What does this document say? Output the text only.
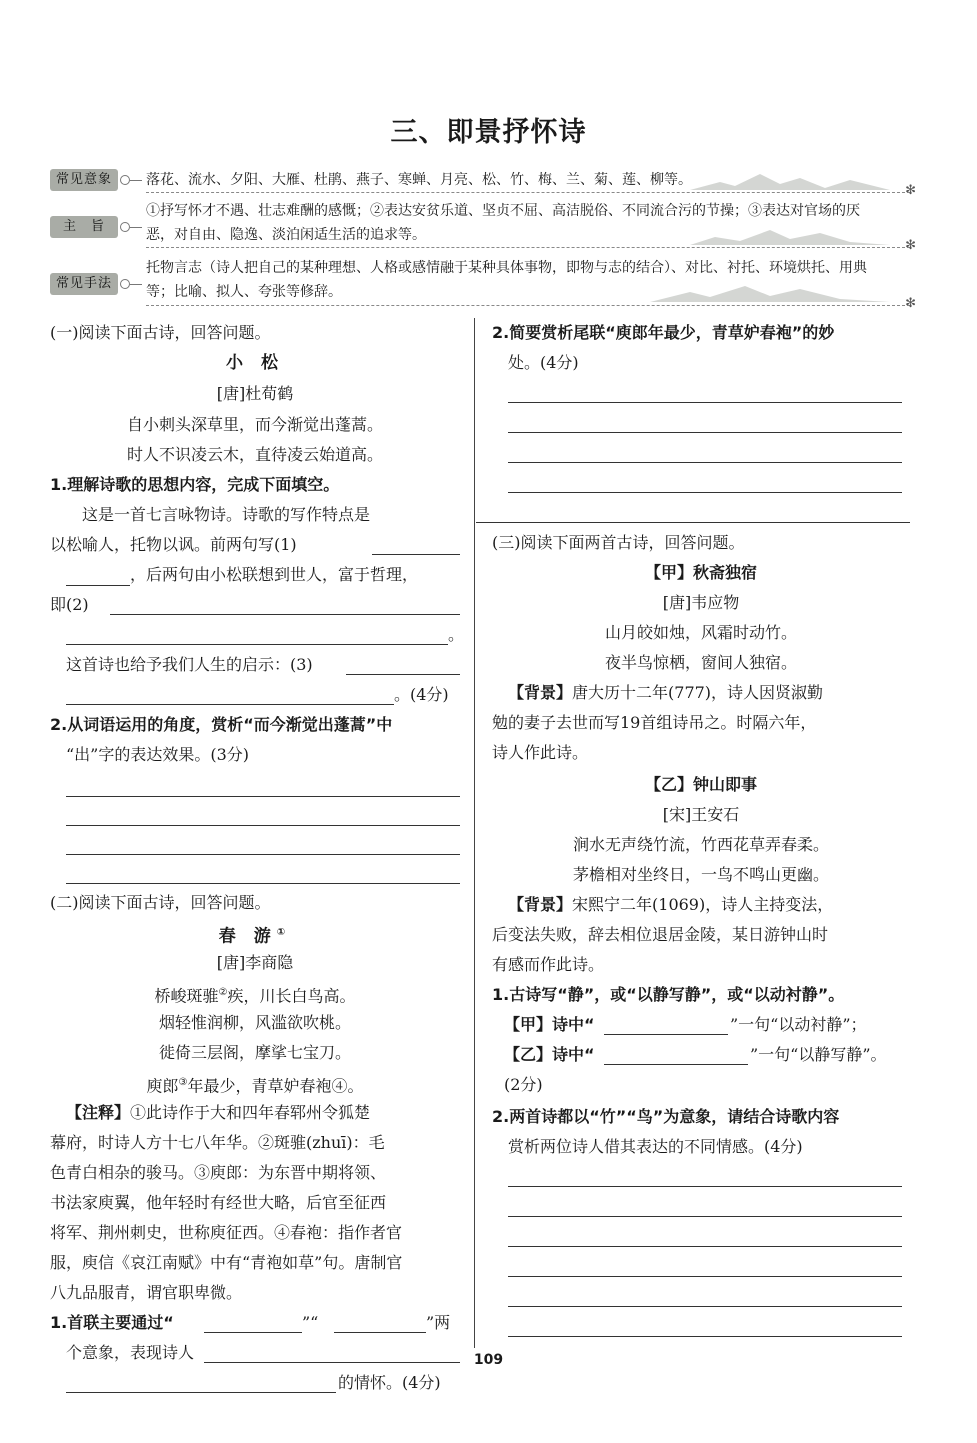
三、即景抒怀诗
常见意象	落花、流水、夕阳、大雁、杜鹃、燕子、寒蝉、月亮、松、竹、梅、兰、菊、莲、柳等。
✻
主　旨
①抒写怀才不遇、壮志难酬的感慨；②表达安贫乐道、坚贞不屈、高洁脱俗、不同流合污的节操；③表达对官场的厌
恶，对自由、隐逸、淡泊闲适生活的追求等。
✻
常见手法
托物言志（诗人把自己的某种理想、人格或感情融于某种具体事物，即物与志的结合）、对比、衬托、环境烘托、用典
等；比喻、拟人、夸张等修辞。
✻
(一)阅读下面古诗，回答问题。
小 松
[唐]杜荀鹤
自小刺头深草里，而今渐觉出蓬蒿。
时人不识凌云木，直待凌云始道高。
1.理解诗歌的思想内容，完成下面填空。
这是一首七言咏物诗。诗歌的写作特点是
以松喻人，托物以讽。前两句写(1)
，后两句由小松联想到世人，富于哲理，
即(2)
。
这首诗也给予我们人生的启示：(3)
。(4分)
2.从词语运用的角度，赏析“而今渐觉出蓬蒿”中
“出”字的表达效果。(3分)
(二)阅读下面古诗，回答问题。
春 游①
[唐]李商隐
桥峻斑骓②疾，川长白鸟高。
烟轻惟润柳，风滥欲吹桃。
徙倚三层阁，摩挲七宝刀。
庾郎③年最少，青草妒春袍④。
【注释】①此诗作于大和四年春郓州令狐楚
幕府，时诗人方十七八年华。②斑骓(zhuī)：毛
色青白相杂的骏马。③庾郎：为东晋中期将领、
书法家庾翼，他年轻时有经世大略，后官至征西
将军、荆州刺史，世称庾征西。④春袍：指作者官
服，庾信《哀江南赋》中有“青袍如草”句。唐制官
八九品服青，谓官职卑微。
1.首联主要通过“	”“	”两
个意象，表现诗人
的情怀。(4分)
2.简要赏析尾联“庾郎年最少，青草妒春袍”的妙
处。(4分)
(三)阅读下面两首古诗，回答问题。
【甲】秋斋独宿
[唐]韦应物
山月皎如烛，风霜时动竹。
夜半鸟惊栖，窗间人独宿。
【背景】唐大历十二年(777)，诗人因贤淑勤
勉的妻子去世而写19首组诗吊之。时隔六年，
诗人作此诗。
【乙】钟山即事
[宋]王安石
涧水无声绕竹流，竹西花草弄春柔。
茅檐相对坐终日，一鸟不鸣山更幽。
【背景】宋熙宁二年(1069)，诗人主持变法，
后变法失败，辞去相位退居金陵，某日游钟山时
有感而作此诗。
1.古诗写“静”，或“以静写静”，或“以动衬静”。
【甲】诗中“	”一句“以动衬静”；
【乙】诗中“	”一句“以静写静”。
(2分)
2.两首诗都以“竹”“鸟”为意象，请结合诗歌内容
赏析两位诗人借其表达的不同情感。(4分)
109
